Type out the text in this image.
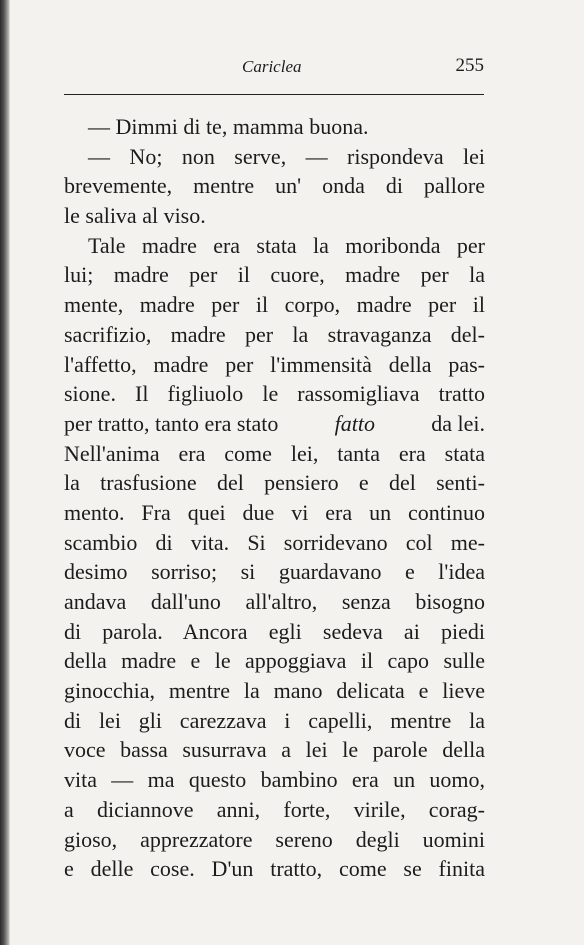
Cariclea	255
— Dimmi di te, mamma buona.
— No; non serve, — rispondeva lei
brevemente, mentre un' onda di pallore
le saliva al viso.
Tale madre era stata la moribonda per
lui; madre per il cuore, madre per la
mente, madre per il corpo, madre per il
sacrifizio, madre per la stravaganza del-
l'affetto, madre per l'immensità della pas-
sione. Il figliuolo le rassomigliava tratto
per tratto, tanto era stato fatto da lei.
Nell'anima era come lei, tanta era stata
la trasfusione del pensiero e del senti-
mento. Fra quei due vi era un continuo
scambio di vita. Si sorridevano col me-
desimo sorriso; si guardavano e l'idea
andava dall'uno all'altro, senza bisogno
di parola. Ancora egli sedeva ai piedi
della madre e le appoggiava il capo sulle
ginocchia, mentre la mano delicata e lieve
di lei gli carezzava i capelli, mentre la
voce bassa susurrava a lei le parole della
vita — ma questo bambino era un uomo,
a diciannove anni, forte, virile, corag-
gioso, apprezzatore sereno degli uomini
e delle cose. D'un tratto, come se finita
